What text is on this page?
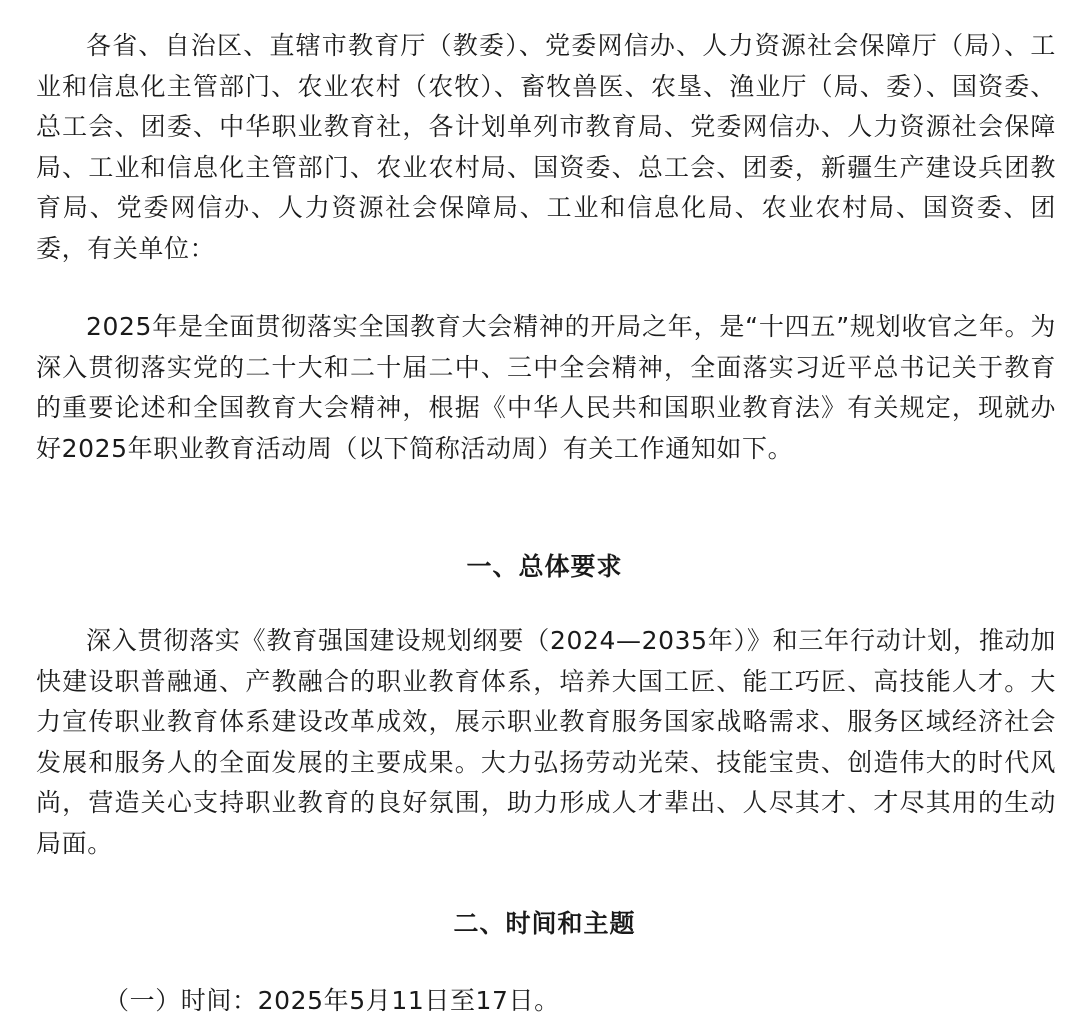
各省、自治区、直辖市教育厅（教委）、党委网信办、人力资源社会保障厅（局）、工业和信息化主管部门、农业农村（农牧）、畜牧兽医、农垦、渔业厅（局、委）、国资委、总工会、团委、中华职业教育社，各计划单列市教育局、党委网信办、人力资源社会保障局、工业和信息化主管部门、农业农村局、国资委、总工会、团委，新疆生产建设兵团教育局、党委网信办、人力资源社会保障局、工业和信息化局、农业农村局、国资委、团委，有关单位：

2025年是全面贯彻落实全国教育大会精神的开局之年，是“十四五”规划收官之年。为深入贯彻落实党的二十大和二十届二中、三中全会精神，全面落实习近平总书记关于教育的重要论述和全国教育大会精神，根据《中华人民共和国职业教育法》有关规定，现就办好2025年职业教育活动周（以下简称活动周）有关工作通知如下。

一、总体要求

深入贯彻落实《教育强国建设规划纲要（2024—2035年）》和三年行动计划，推动加快建设职普融通、产教融合的职业教育体系，培养大国工匠、能工巧匠、高技能人才。大力宣传职业教育体系建设改革成效，展示职业教育服务国家战略需求、服务区域经济社会发展和服务人的全面发展的主要成果。大力弘扬劳动光荣、技能宝贵、创造伟大的时代风尚，营造关心支持职业教育的良好氛围，助力形成人才辈出、人尽其才、才尽其用的生动局面。

二、时间和主题

（一）时间：2025年5月11日至17日。
